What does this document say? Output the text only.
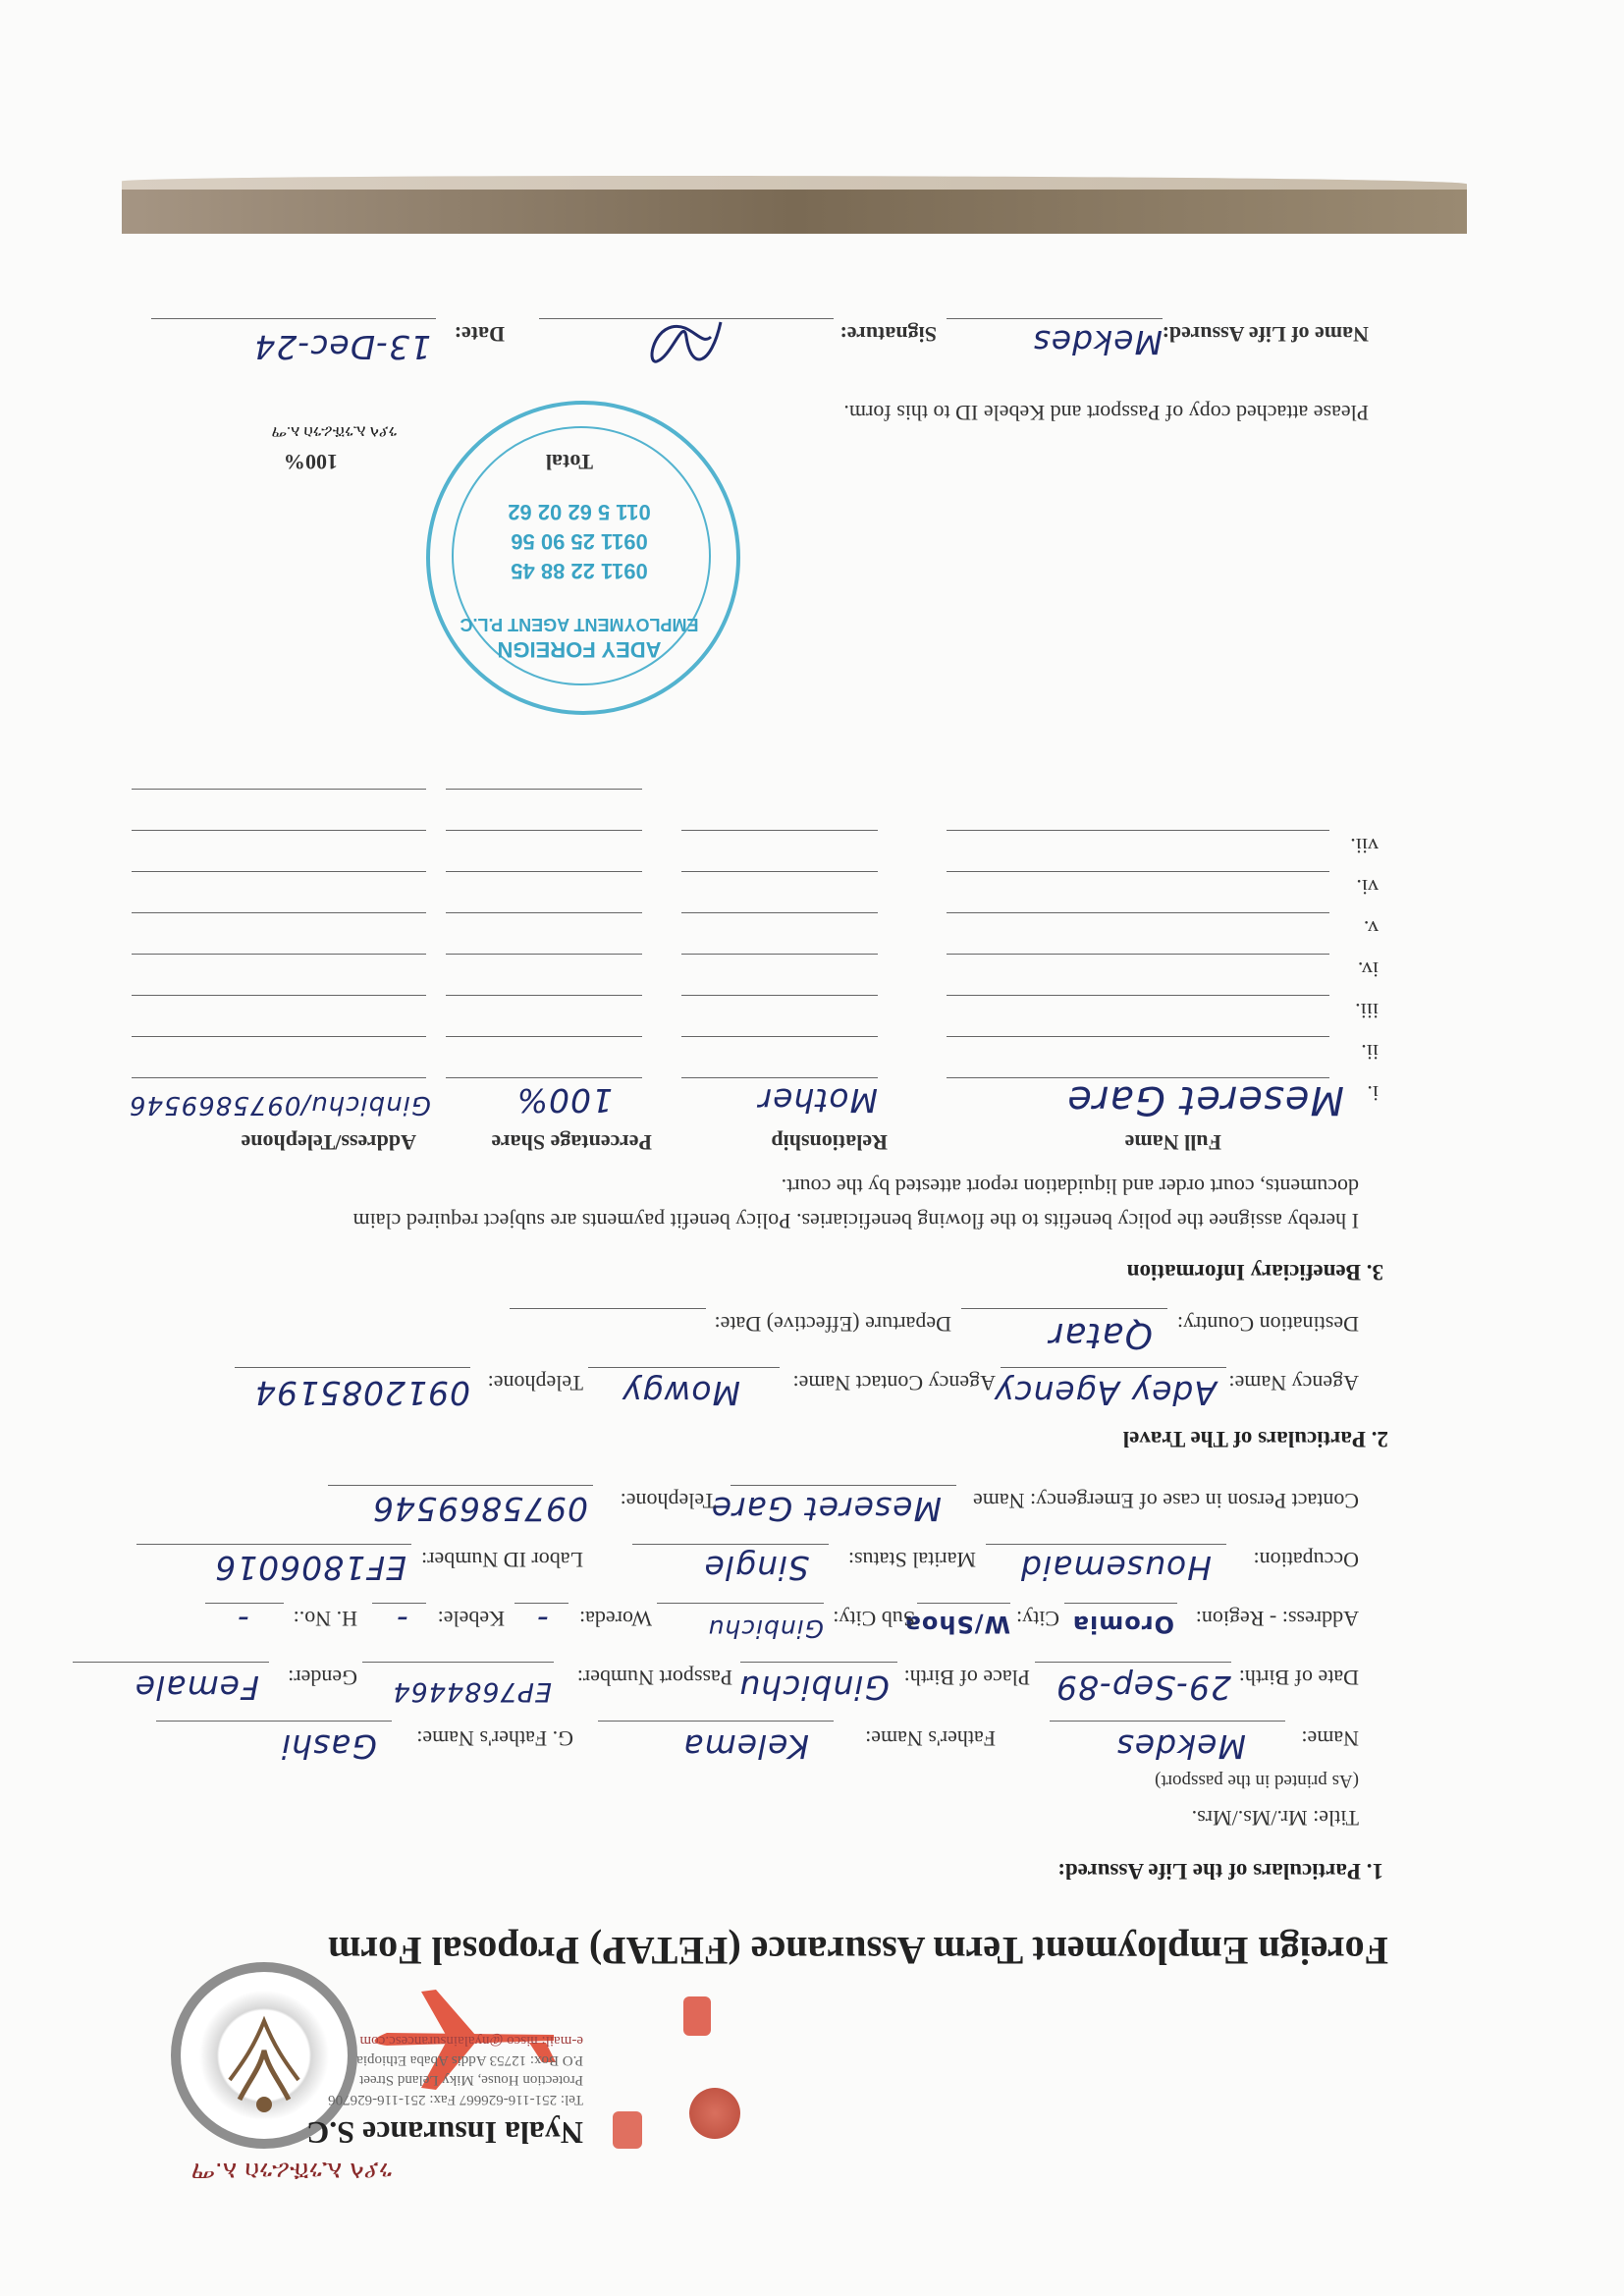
ንያላ ኢንሹራንስ አ.ማ
ንያላ ኢንሹራንስ አ.ማ
Nyala Insurance S.C
Tel: 251-116-626667 Fax: 251-116-626706
Protection House, Miky Leland Street
P.O Box: 12753 Addis Ababa Ethiopia
e-mail: nisco @nyalainsurancesc.com
Foreign Employment Term Assurance (FETAP) Proposal Form
1. Particulars of the Life Assured:
Title: Mr./Ms./Mrs.
(As printed in the passport)
Name:
Mekdes
Father's Name:
Kelema
G. Father's Name:
Gashi
Date of Birth:
29-Sep-89
Place of Birth:
Ginbichu
Passport Number:
EP7684464
Gender:
Female
Address: - Region:
Oromia
City:
W/Shoa
Sub City:
Ginbichu
Woreda:
-
Kebele:
-
H. No.:
-
Occupation:
Housemaid
Marital Status:
Single
Labor ID Number:
EF1806016
Contact Person in case of Emergency: Name
Meseret Gare
Telephone:
0975869546
2. Particulars of The Travel
Agency Name:
Adey Agency
Agency Contact Name:
Mowgy
Telephone:
0912085194
Destination Country:
Qatar
Departure (Effective) Date:
3. Beneficiary Information
I hereby assignee the policy benefits to the flowing beneficiaries. Policy benefit payments are subject required claim
documents, court order and liquidation report attested by the court.
Full Name
Relationship
Percentage Share
Address/Telephone
i.
ii.
iii.
iv.
v.
vi.
vii.
Meseret Gare
Mother
100%
Ginbichu/0975869546
Total
100%
ADEY FOREIGN
EMPLOYMENT AGENT P.L.C
0911 22 88 45
0911 25 90 56
011 5 62 02 62
Please attached copy of Passport and Kebele ID to this form.
Name of Life Assured:
Mekdes
Signature:
Date:
13-Dec-24
